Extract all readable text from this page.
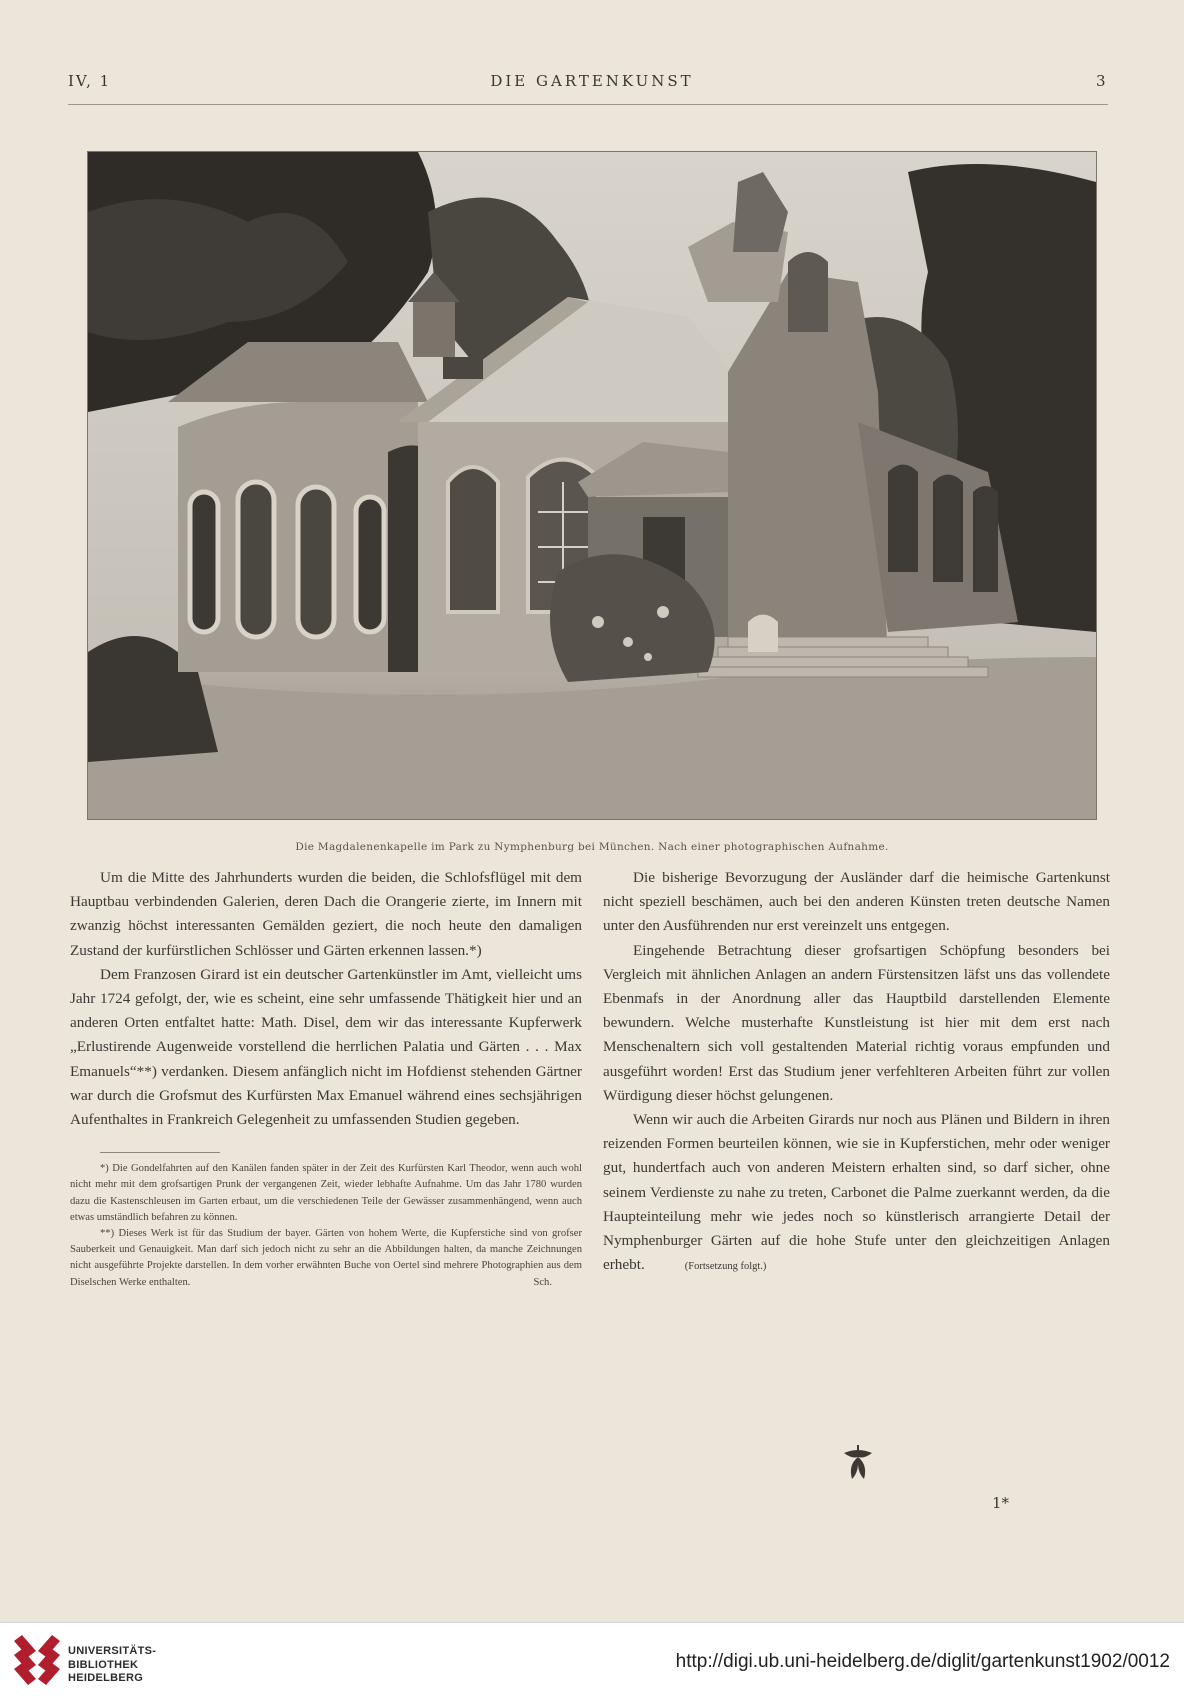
IV, 1	DIE GARTENKUNST	3
Die Magdalenenkapelle im Park zu Nymphenburg bei München. Nach einer photographischen Aufnahme.

Um die Mitte des Jahrhunderts wurden die beiden, die Schlofsflügel mit dem Hauptbau verbindenden Galerien, deren Dach die Orangerie zierte, im Innern mit zwanzig höchst interessanten Gemälden geziert, die noch heute den damaligen Zustand der kurfürstlichen Schlösser und Gärten erkennen lassen.*)

Dem Franzosen Girard ist ein deutscher Gartenkünstler im Amt, vielleicht ums Jahr 1724 gefolgt, der, wie es scheint, eine sehr umfassende Thätigkeit hier und an anderen Orten entfaltet hatte: Math. Disel, dem wir das interessante Kupferwerk „Erlustirende Augenweide vorstellend die herrlichen Palatia und Gärten . . . Max Emanuels“**) verdanken. Diesem anfänglich nicht im Hofdienst stehenden Gärtner war durch die Grofsmut des Kurfürsten Max Emanuel während eines sechsjährigen Aufenthaltes in Frankreich Gelegenheit zu umfassenden Studien gegeben.

*) Die Gondelfahrten auf den Kanälen fanden später in der Zeit des Kurfürsten Karl Theodor, wenn auch wohl nicht mehr mit dem grofsartigen Prunk der vergangenen Zeit, wieder lebhafte Aufnahme. Um das Jahr 1780 wurden dazu die Kastenschleusen im Garten erbaut, um die verschiedenen Teile der Gewässer zusammenhängend, wenn auch etwas umständlich befahren zu können.

**) Dieses Werk ist für das Studium der bayer. Gärten von hohem Werte, die Kupferstiche sind von grofser Sauberkeit und Genauigkeit. Man darf sich jedoch nicht zu sehr an die Abbildungen halten, da manche Zeichnungen nicht ausgeführte Projekte darstellen. In dem vorher erwähnten Buche von Oertel sind mehrere Photographien aus dem Diselschen Werke enthalten.	Sch.

Die bisherige Bevorzugung der Ausländer darf die heimische Gartenkunst nicht speziell beschämen, auch bei den anderen Künsten treten deutsche Namen unter den Ausführenden nur erst vereinzelt uns entgegen.

Eingehende Betrachtung dieser grofsartigen Schöpfung besonders bei Vergleich mit ähnlichen Anlagen an andern Fürstensitzen läfst uns das vollendete Ebenmafs in der Anordnung aller das Hauptbild darstellenden Elemente bewundern. Welche musterhafte Kunstleistung ist hier mit dem erst nach Menschenaltern sich voll gestaltenden Material richtig voraus empfunden und ausgeführt worden! Erst das Studium jener verfehlteren Arbeiten führt zur vollen Würdigung dieser höchst gelungenen.

Wenn wir auch die Arbeiten Girards nur noch aus Plänen und Bildern in ihren reizenden Formen beurteilen können, wie sie in Kupferstichen, mehr oder weniger gut, hundertfach auch von anderen Meistern erhalten sind, so darf sicher, ohne seinem Verdienste zu nahe zu treten, Carbonet die Palme zuerkannt werden, da die Haupteinteilung mehr wie jedes noch so künstlerisch arrangierte Detail der Nymphenburger Gärten auf die hohe Stufe unter den gleichzeitigen Anlagen erhebt.	(Fortsetzung folgt.)

1*
UNIVERSITÄTS-
BIBLIOTHEK
HEIDELBERG
http://digi.ub.uni-heidelberg.de/diglit/gartenkunst1902/0012
